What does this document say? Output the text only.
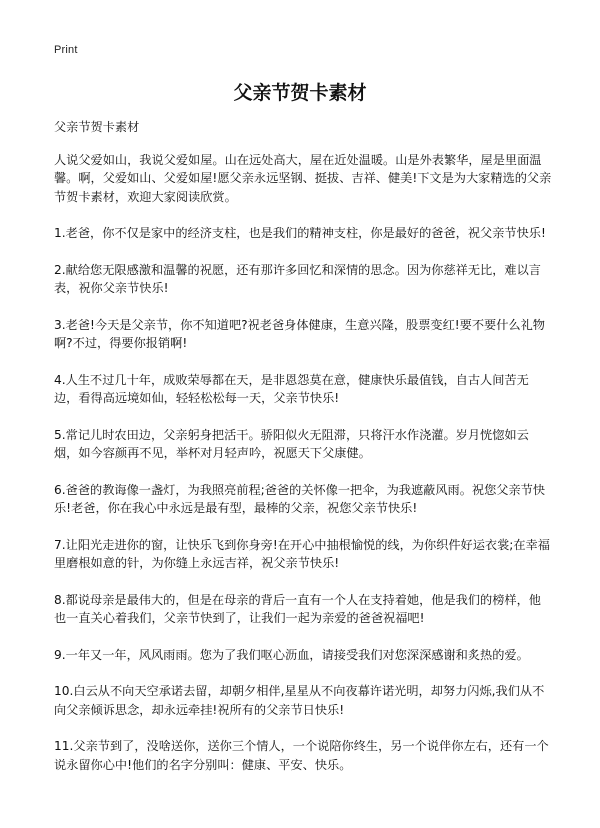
Print
父亲节贺卡素材

父亲节贺卡素材

人说父爱如山，我说父爱如屋。山在远处高大，屋在近处温暖。山是外表繁华，屋是里面温馨。啊，父爱如山、父爱如屋!愿父亲永远坚钢、挺拔、吉祥、健美!下文是为大家精选的父亲节贺卡素材，欢迎大家阅读欣赏。

1.老爸，你不仅是家中的经济支柱，也是我们的精神支柱，你是最好的爸爸，祝父亲节快乐!

2.献给您无限感激和温馨的祝愿，还有那许多回忆和深情的思念。因为你慈祥无比，难以言表，祝你父亲节快乐!

3.老爸!今天是父亲节，你不知道吧?祝老爸身体健康，生意兴隆，股票变红!要不要什么礼物啊?不过，得要你报销啊!

4.人生不过几十年，成败荣辱都在天，是非恩怨莫在意，健康快乐最值钱，自古人间苦无边，看得高远境如仙，轻轻松松每一天，父亲节快乐!

5.常记儿时农田边，父亲躬身把活干。骄阳似火无阻滞，只将汗水作浇灌。岁月恍惚如云烟，如今容颜再不见，举杯对月轻声吟，祝愿天下父康健。

6.爸爸的教诲像一盏灯，为我照亮前程;爸爸的关怀像一把伞，为我遮蔽风雨。祝您父亲节快乐!老爸，你在我心中永远是最有型，最棒的父亲，祝您父亲节快乐!

7.让阳光走进你的窗，让快乐飞到你身旁!在开心中抽根愉悦的线，为你织件好运衣裳;在幸福里磨根如意的针，为你缝上永远吉祥，祝父亲节快乐!

8.都说母亲是最伟大的，但是在母亲的背后一直有一个人在支持着她，他是我们的榜样，他也一直关心着我们，父亲节快到了，让我们一起为亲爱的爸爸祝福吧!

9.一年又一年，风风雨雨。您为了我们呕心沥血，请接受我们对您深深感谢和炙热的爱。

10.白云从不向天空承诺去留，却朝夕相伴,星星从不向夜幕许诺光明，却努力闪烁,我们从不向父亲倾诉思念，却永远牵挂!祝所有的父亲节日快乐!

11.父亲节到了，没啥送你，送你三个情人，一个说陪你终生，另一个说伴你左右，还有一个说永留你心中!他们的名字分别叫：健康、平安、快乐。
